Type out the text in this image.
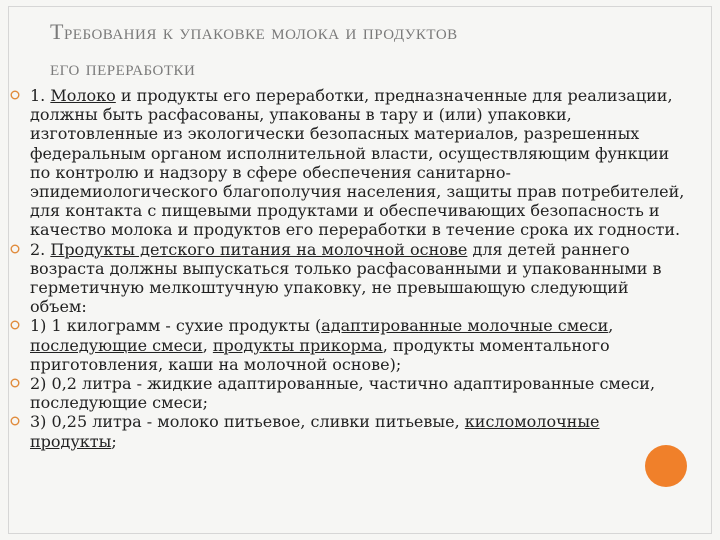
Требования к упаковке молока и продуктов
его переработки

1. Молоко и продукты его переработки, предназначенные для реализации, должны быть расфасованы, упакованы в тару и (или) упаковки, изготовленные из экологически безопасных материалов, разрешенных федеральным органом исполнительной власти, осуществляющим функции по контролю и надзору в сфере обеспечения санитарно-эпидемиологического благополучия населения, защиты прав потребителей, для контакта с пищевыми продуктами и обеспечивающих безопасность и качество молока и продуктов его переработки в течение срока их годности.

2. Продукты детского питания на молочной основе для детей раннего возраста должны выпускаться только расфасованными и упакованными в герметичную мелкоштучную упаковку, не превышающую следующий объем:

1) 1 килограмм - сухие продукты (адаптированные молочные смеси, последующие смеси, продукты прикорма, продукты моментального приготовления, каши на молочной основе);

2) 0,2 литра - жидкие адаптированные, частично адаптированные смеси, последующие смеси;

3) 0,25 литра - молоко питьевое, сливки питьевые, кисломолочные продукты;
